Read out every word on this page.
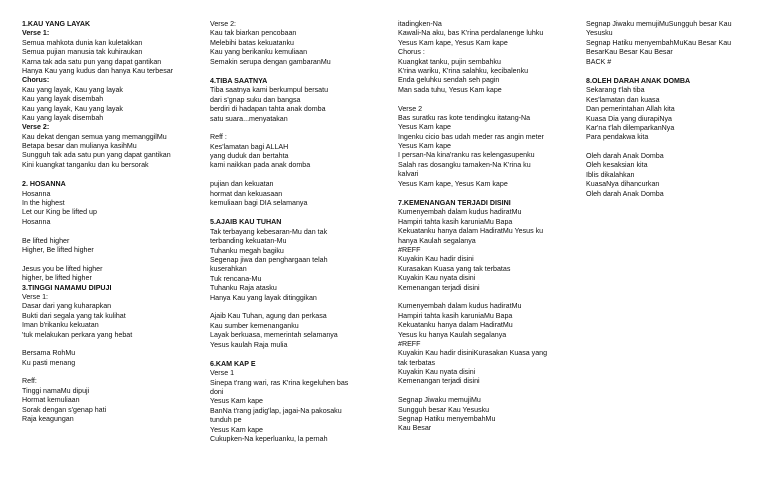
1.KAU YANG LAYAK
Verse 1:
Semua mahkota dunia kan kuletakkan
Semua pujian manusia tak kuhiraukan
Karna tak ada satu pun yang dapat gantikan
Hanya Kau yang kudus dan hanya Kau terbesar
Chorus:
Kau yang layak, Kau yang layak
Kau yang layak disembah
Kau yang layak, Kau yang layak
Kau yang layak disembah
Verse 2:
Kau dekat dengan semua yang memanggilMu
Betapa besar dan mulianya kasihMu
Sungguh tak ada satu pun yang dapat gantikan
Kini kuangkat tanganku dan ku bersorak
2. HOSANNA
Hosanna
In the highest
Let our King be lifted up
Hosanna
Be lifted higher
Higher, Be lifted higher
Jesus you be lifted higher
higher, be lifted higher
3.TINGGI NAMAMU DIPUJI
Verse 1:
Dasar dari yang kuharapkan
Bukti dari segala yang tak kulihat
Iman b'rikanku kekuatan
'tuk melakukan perkara yang hebat
Bersama RohMu
Ku pasti menang
Reff:
Tinggi namaMu dipuji
Hormat kemuliaan
Sorak dengan s'genap hati
Raja keagungan
Verse 2:
Kau tak biarkan pencobaan
Melebihi batas kekuatanku
Kau yang berikanku kemuliaan
Semakin serupa dengan gambaranMu
4.TIBA SAATNYA
Tiba saatnya kami berkumpul bersatu
dari s'gnap suku dan bangsa
berdiri di hadapan tahta anak domba
satu suara...menyatakan
Reff :
Kes'lamatan bagi ALLAH
yang duduk dan bertahta
kami naikkan pada anak domba
pujian dan kekuatan
hormat dan kekuasaan
kemuliaan bagi DIA selamanya
5.AJAIB KAU TUHAN
Tak terbayang kebesaran-Mu dan tak
terbanding kekuatan-Mu
Tuhanku megah bagiku
Segenap jiwa dan penghargaan telah
kuserahkan
Tuk rencana-Mu
Tuhanku Raja atasku
Hanya Kau yang layak ditinggikan
Ajaib Kau Tuhan, agung dan perkasa
Kau sumber kemenanganku
Layak berkuasa, memerintah selamanya
Yesus kaulah Raja mulia
6.KAM KAP E
Verse 1
Sinepa t'rang wari, ras K'rina kegeluhen bas
doni
Yesus Kam kape
BanNa t'rang jadig'lap, jagai-Na pakosaku
tunduh pe
Yesus Kam kape
Cukupken-Na keperluanku, la pernah
itadingken-Na
Kawali-Na aku, bas K'rina perdalanenge luhku
Yesus Kam kape, Yesus Kam kape
Chorus :
Kuangkat tanku, pujin sembahku
K'rina wariku, K'rina salahku, kecibalenku
Enda geluhku sendah seh pagin
Man sada tuhu, Yesus Kam kape
Verse 2
Bas suratku ras kote tendingku itatang-Na
Yesus Kam kape
Ingenku cicio bas udah meder ras angin meter
Yesus Kam kape
I persan-Na kina'ranku ras kelengasupenku
Salah ras dosangku tamaken-Na K'rina ku
kalvari
Yesus Kam kape, Yesus Kam kape
7.KEMENANGAN TERJADI DISINI
Kumenyembah dalam kudus hadiratMu
Hampiri tahta kasih karuniaMu Bapa
Kekuatanku hanya dalam HadiratMu Yesus ku
hanya Kaulah segalanya
#REFF
Kuyakin Kau hadir disini
Kurasakan Kuasa yang tak terbatas
Kuyakin Kau nyata disini
Kemenangan terjadi disini
Kumenyembah dalam kudus hadiratMu
Hampiri tahta kasih karuniaMu Bapa
Kekuatanku hanya dalam HadiratMu
Yesus ku hanya Kaulah segalanya
#REFF
Kuyakin Kau hadir disiniKurasakan Kuasa yang
tak terbatas
Kuyakin Kau nyata disini
Kemenangan terjadi disini
Segnap Jiwaku memujiMu
Sungguh besar Kau Yesusku
Segnap Hatiku menyembahMu
Kau Besar
Segnap Jiwaku memujiMuSungguh besar Kau
Yesusku
Segnap Hatiku menyembahMuKau Besar Kau
BesarKau Besar Kau Besar
BACK #
8.OLEH DARAH ANAK DOMBA
Sekarang t'lah tiba
Kes'lamatan dan kuasa
Dan pemerintahan Allah kita
Kuasa Dia yang diurapiNya
Kar'na t'lah dilemparkanNya
Para pendakwa kita
Oleh darah Anak Domba
Oleh kesaksian kita
Iblis dikalahkan
KuasaNya dihancurkan
Oleh darah Anak Domba
